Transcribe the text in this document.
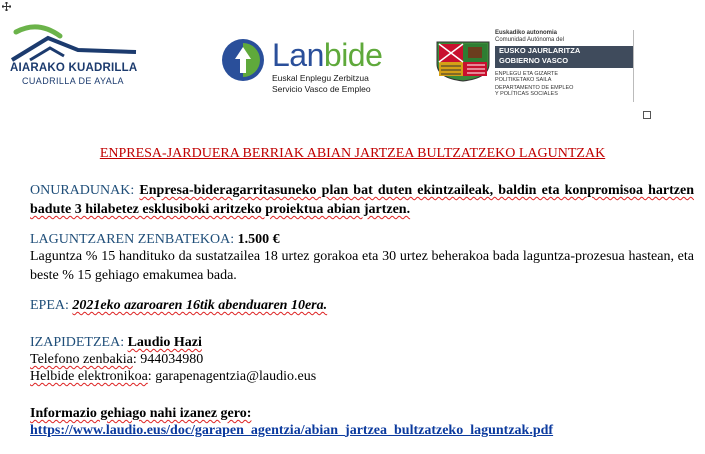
AIARAKO KUADRILLA
CUADRILLA DE AYALA
Lanbide
Euskal Enplegu Zerbitzua
Servicio Vasco de Empleo
Euskadiko autonomia
Comunidad Autónoma del
EUSKO JAURLARITZA
GOBIERNO VASCO
ENPLEGU ETA GIZARTE
POLITIKETAKO SAILA
DEPARTAMENTO DE EMPLEO
Y POLÍTICAS SOCIALES
ENPRESA-JARDUERA BERRIAK ABIAN JARTZEA BULTZATZEKO LAGUNTZAK
ONURADUNAK: Enpresa-bideragarritasuneko plan bat duten ekintzaileak, baldin eta konpromisoa hartzen badute 3 hilabetez esklusiboki aritzeko proiektua abian jartzen.
LAGUNTZAREN ZENBATEKOA: 1.500 €
Laguntza % 15 handituko da sustatzailea 18 urtez gorakoa eta 30 urtez beherakoa bada laguntza-prozesua hastean, eta beste % 15 gehiago emakumea bada.
EPEA: 2021eko azaroaren 16tik abenduaren 10era.
IZAPIDETZEA: Laudio Hazi
Telefono zenbakia: 944034980
Helbide elektronikoa: garapenagentzia@laudio.eus
Informazio gehiago nahi izanez gero:
https://www.laudio.eus/doc/garapen_agentzia/abian_jartzea_bultzatzeko_laguntzak.pdf
